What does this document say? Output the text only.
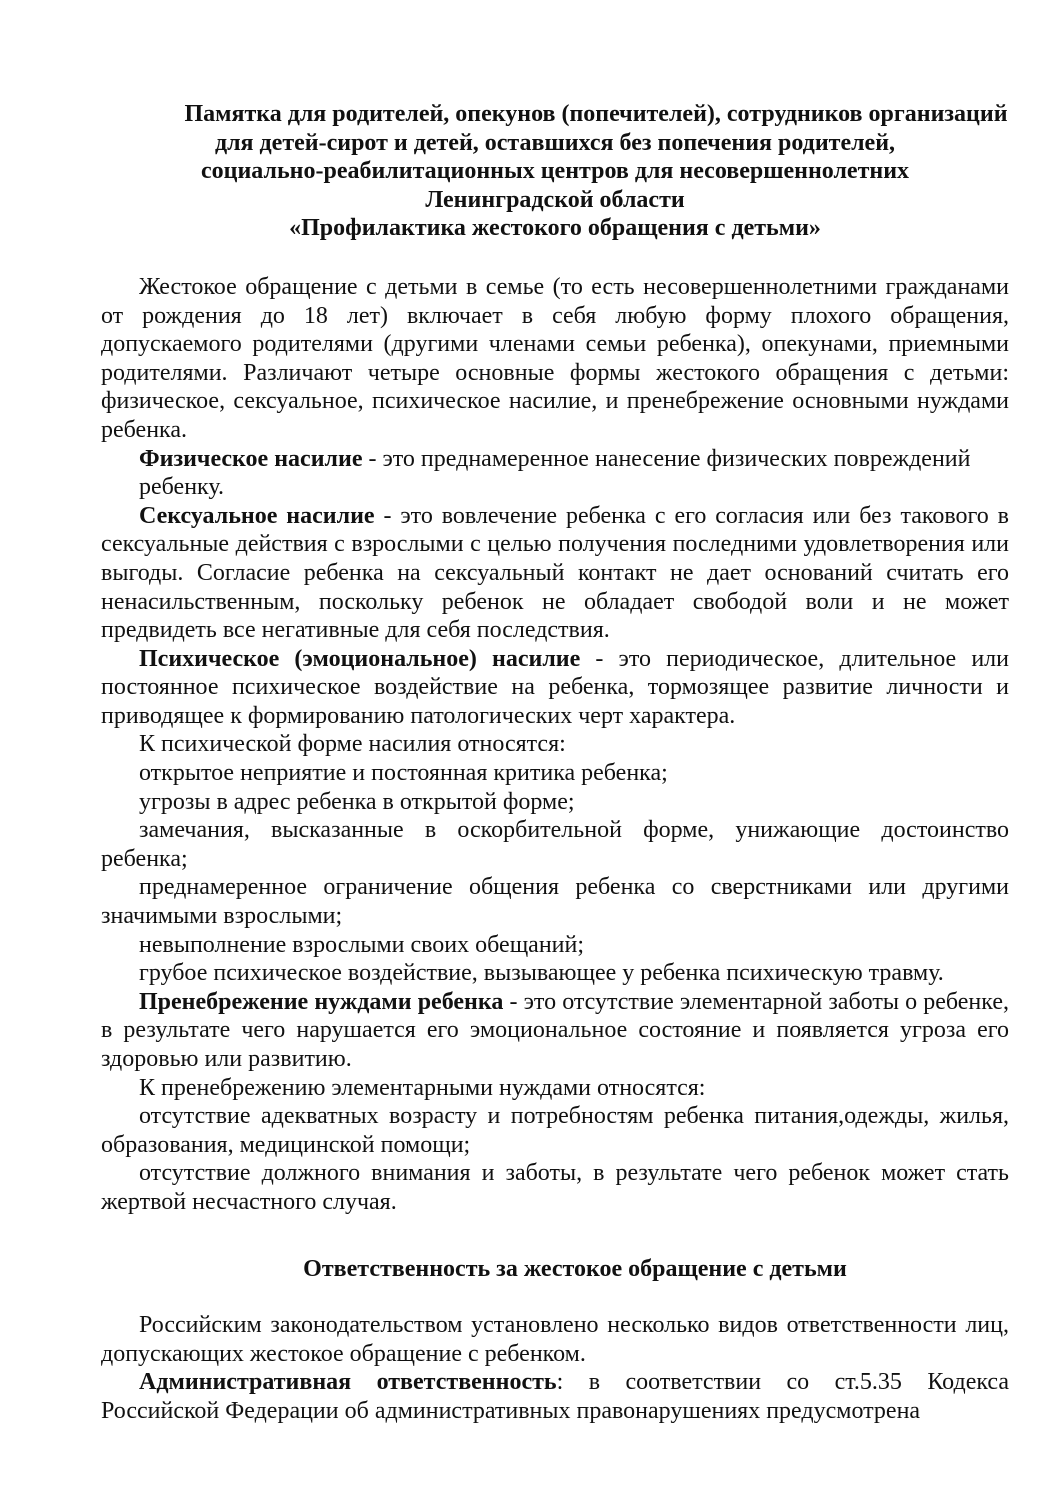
Памятка для родителей, опекунов (попечителей), сотрудников организаций
для детей-сирот и детей, оставшихся без попечения родителей,
социально-реабилитационных центров для несовершеннолетних
Ленинградской области
«Профилактика жестокого обращения с детьми»

Жестокое обращение с детьми в семье (то есть несовершеннолетними гражданами от рождения до 18 лет) включает в себя любую форму плохого обращения, допускаемого родителями (другими членами семьи ребенка), опекунами, приемными родителями. Различают четыре основные формы жестокого обращения с детьми: физическое, сексуальное, психическое насилие, и пренебрежение основными нуждами ребенка.

Физическое насилие - это преднамеренное нанесение физических повреждений ребенку.

Сексуальное насилие - это вовлечение ребенка с его согласия или без такового в сексуальные действия с взрослыми с целью получения последними удовлетворения или выгоды. Согласие ребенка на сексуальный контакт не дает оснований считать его ненасильственным, поскольку ребенок не обладает свободой воли и не может предвидеть все негативные для себя последствия.

Психическое (эмоциональное) насилие - это периодическое, длительное или постоянное психическое воздействие на ребенка, тормозящее развитие личности и приводящее к формированию патологических черт характера.

К психической форме насилия относятся:

открытое неприятие и постоянная критика ребенка;

угрозы в адрес ребенка в открытой форме;

замечания, высказанные в оскорбительной форме, унижающие достоинство ребенка;

преднамеренное ограничение общения ребенка со сверстниками или другими значимыми взрослыми;

невыполнение взрослыми своих обещаний;

грубое психическое воздействие, вызывающее у ребенка психическую травму.

Пренебрежение нуждами ребенка - это отсутствие элементарной заботы о ребенке, в результате чего нарушается его эмоциональное состояние и появляется угроза его здоровью или развитию.

К пренебрежению элементарными нуждами относятся:

отсутствие адекватных возрасту и потребностям ребенка питания,одежды, жилья, образования, медицинской помощи;

отсутствие должного внимания и заботы, в результате чего ребенок может стать жертвой несчастного случая.

Ответственность за жестокое обращение с детьми

Российским законодательством установлено несколько видов ответственности лиц, допускающих жестокое обращение с ребенком.

Административная ответственность: в соответствии со ст.5.35 Кодекса Российской Федерации об административных правонарушениях предусмотрена
